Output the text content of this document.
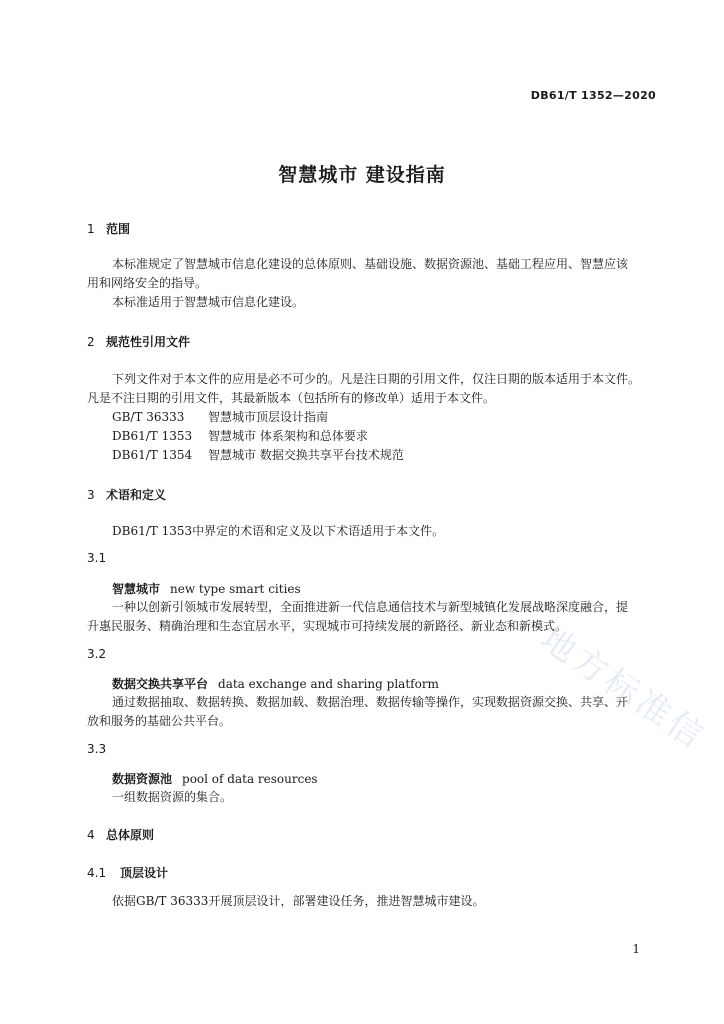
DB61/T 1352—2020
智慧城市 建设指南
1 范围
本标准规定了智慧城市信息化建设的总体原则、基础设施、数据资源池、基础工程应用、智慧应该
用和网络安全的指导。
本标准适用于智慧城市信息化建设。
2 规范性引用文件
下列文件对于本文件的应用是必不可少的。凡是注日期的引用文件，仅注日期的版本适用于本文件。
凡是不注日期的引用文件，其最新版本（包括所有的修改单）适用于本文件。
GB/T 36333 智慧城市顶层设计指南
DB61/T 1353 智慧城市 体系架构和总体要求
DB61/T 1354 智慧城市 数据交换共享平台技术规范
3 术语和定义
DB61/T 1353中界定的术语和定义及以下术语适用于本文件。
3.1
智慧城市 new type smart cities
一种以创新引领城市发展转型，全面推进新一代信息通信技术与新型城镇化发展战略深度融合，提
升惠民服务、精确治理和生态宜居水平，实现城市可持续发展的新路径、新业态和新模式。
3.2
数据交换共享平台 data exchange and sharing platform
通过数据抽取、数据转换、数据加载、数据治理、数据传输等操作，实现数据资源交换、共享、开
放和服务的基础公共平台。
3.3
数据资源池 pool of data resources
一组数据资源的集合。
4 总体原则
4.1 顶层设计
依据GB/T 36333开展顶层设计，部署建设任务，推进智慧城市建设。
1
地方标准信
